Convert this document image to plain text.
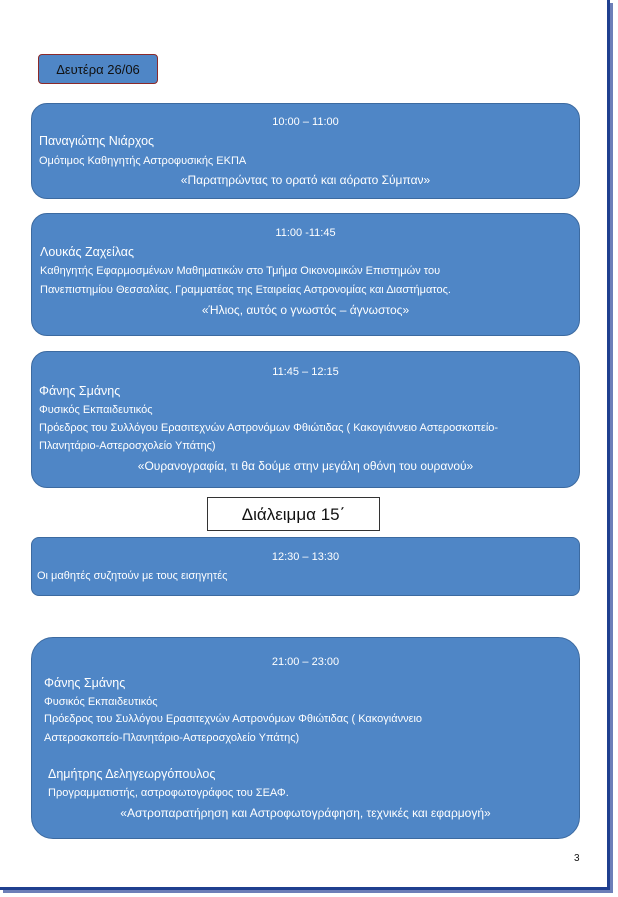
Δευτέρα 26/06
10:00 – 11:00
Παναγιώτης Νιάρχος
Ομότιμος Καθηγητής Αστροφυσικής ΕΚΠΑ
«Παρατηρώντας το ορατό και αόρατο Σύμπαν»
11:00 -11:45
Λουκάς Ζαχείλας
Καθηγητής Εφαρμοσμένων Μαθηματικών στο Τμήμα Οικονομικών Επιστημών του
Πανεπιστημίου Θεσσαλίας. Γραμματέας της Εταιρείας Αστρονομίας και Διαστήματος.
«Ήλιος, αυτός ο γνωστός – άγνωστος»
11:45 – 12:15
Φάνης Σμάνης
Φυσικός Εκπαιδευτικός
Πρόεδρος του Συλλόγου Ερασιτεχνών Αστρονόμων Φθιώτιδας ( Κακογιάννειο Αστεροσκοπείο-
Πλανητάριο-Αστεροσχολείο Υπάτης)
«Ουρανογραφία, τι θα δούμε στην μεγάλη οθόνη του ουρανού»
Διάλειμμα 15΄
12:30 – 13:30
Οι μαθητές συζητούν με τους εισηγητές
21:00 – 23:00
Φάνης Σμάνης
Φυσικός Εκπαιδευτικός
Πρόεδρος του Συλλόγου Ερασιτεχνών Αστρονόμων Φθιώτιδας ( Κακογιάννειο
Αστεροσκοπείο-Πλανητάριο-Αστεροσχολείο Υπάτης)
Δημήτρης Δεληγεωργόπουλος
Προγραμματιστής, αστροφωτογράφος του ΣΕΑΦ.
«Αστροπαρατήρηση και Αστροφωτογράφηση, τεχνικές και εφαρμογή»
3
